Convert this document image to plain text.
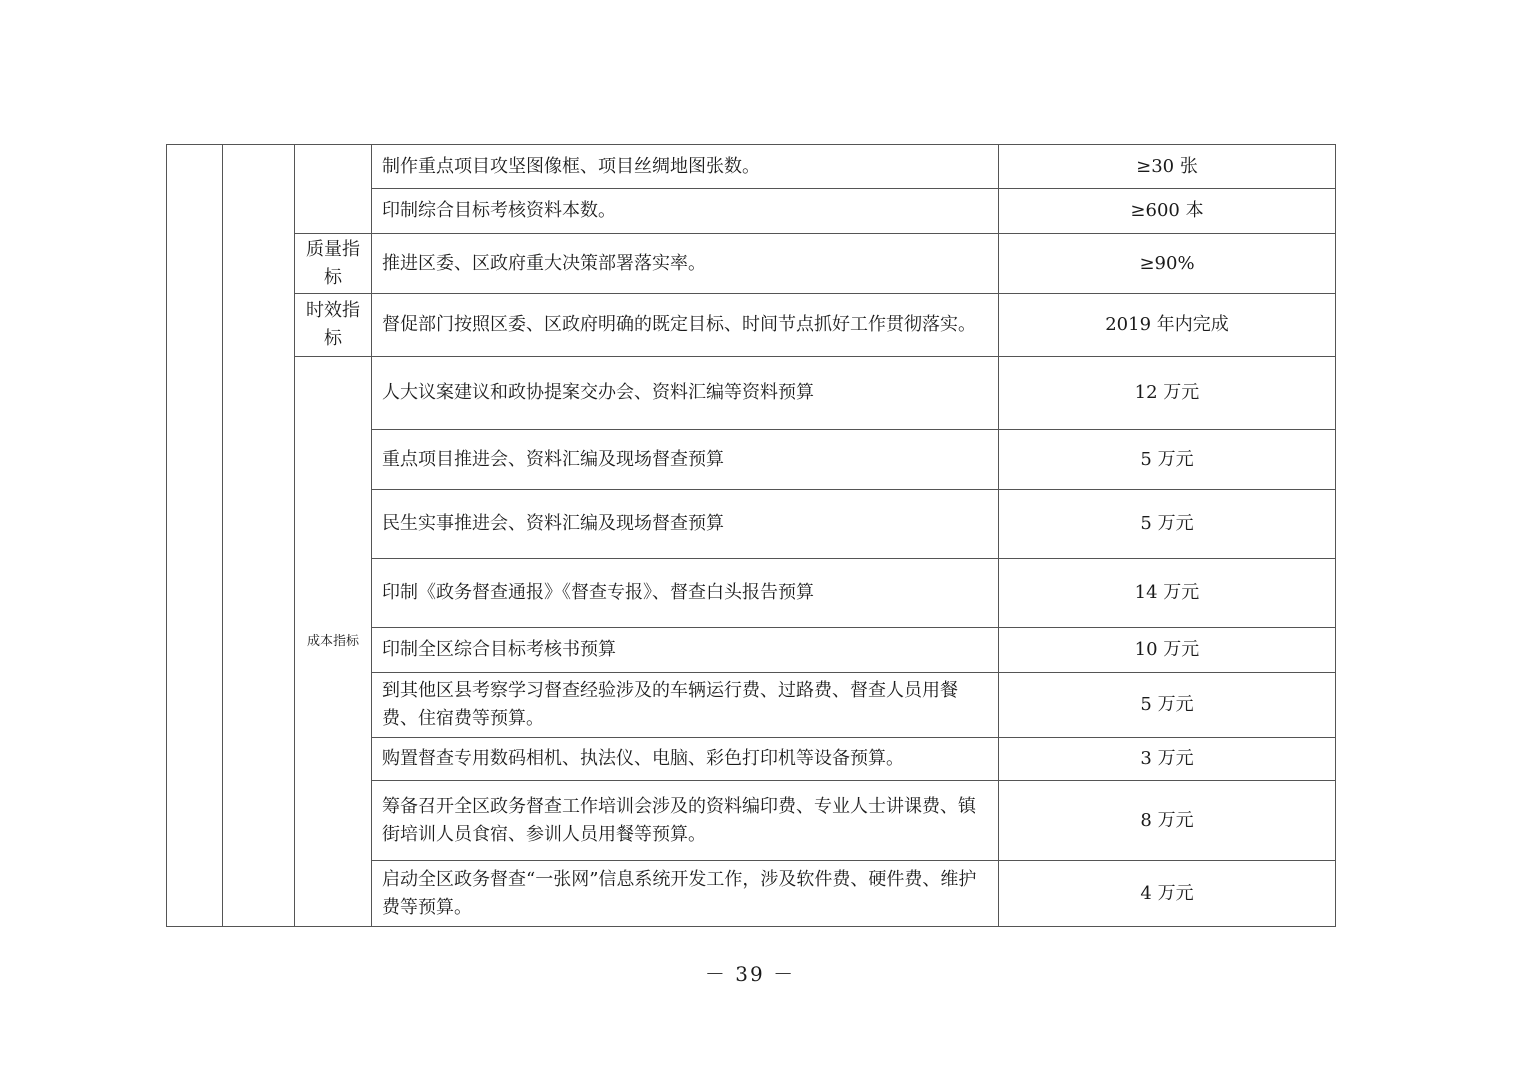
			制作重点项目攻坚图像框、项目丝绸地图张数。	≥30 张
			印制综合目标考核资料本数。	≥600 本
		质量指标	推进区委、区政府重大决策部署落实率。	≥90%
		时效指标	督促部门按照区委、区政府明确的既定目标、时间节点抓好工作贯彻落实。	2019 年内完成
		成本指标	人大议案建议和政协提案交办会、资料汇编等资料预算	12 万元
			重点项目推进会、资料汇编及现场督查预算	5 万元
			民生实事推进会、资料汇编及现场督查预算	5 万元
			印制《政务督查通报》《督查专报》、督查白头报告预算	14 万元
			印制全区综合目标考核书预算	10 万元
			到其他区县考察学习督查经验涉及的车辆运行费、过路费、督查人员用餐费、住宿费等预算。	5 万元
			购置督查专用数码相机、执法仪、电脑、彩色打印机等设备预算。	3 万元
			筹备召开全区政务督查工作培训会涉及的资料编印费、专业人士讲课费、镇街培训人员食宿、参训人员用餐等预算。	8 万元
			启动全区政务督查“一张网”信息系统开发工作，涉及软件费、硬件费、维护费等预算。	4 万元
－ 39 －
